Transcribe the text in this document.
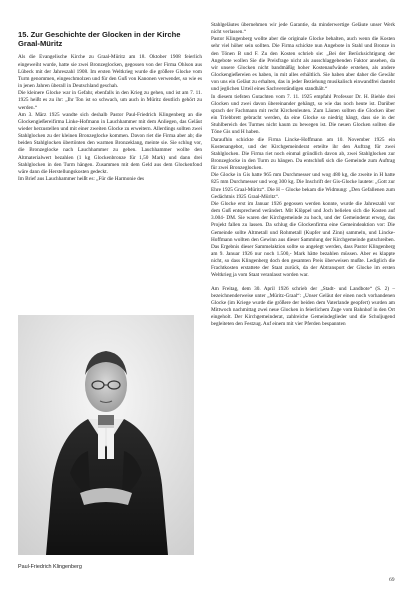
15. Zur Geschichte der Glocken in der Kirche Graal-Müritz

Als die Evangelische Kirche zu Graal-Müritz am 18. Oktober 1908 feierlich eingeweiht wurde, hatte sie zwei Bronzeglocken, gegossen von der Firma Ohlson aus Lübeck mit der Jahreszahl 1908. Im ersten Weltkrieg wurde die größere Glocke vom Turm genommen, eingeschmolzen und für den Guß von Kanonen verwendet, so wie es in jenen Jahren überall in Deutschland geschah.

Die kleinere Glocke war in Gefahr, ebenfalls in den Krieg zu gehen, und ist am 7. 11. 1925 heißt es zu ihr: „Ihr Ton ist so schwach, um auch in Müritz deutlich gehört zu werden.“

Am 3. März 1925 wandte sich deshalb Pastor Paul-Friedrich Klingenberg an die Glockengießereifirma Linke-Hofmann in Lauchhammer mit dem Anliegen, das Geläut wieder herzustellen und mit einer zweiten Glocke zu erweitern. Allerdings sollten zwei Stahlglocken zu der kleinen Bronzeglocke kommen. Davon riet die Firma aber ab; die beiden Stahlglocken übertönten den warmen Bronzeklang, meinte sie. Sie schlug vor, die Bronzeglocke nach Lauchhammer zu geben. Lauchhammer wollte den Altmaterialwert bezahlen (1 kg Glockenbronze für 1,50 Mark) und dann drei Stahlglocken in den Turm hängen. Zusammen mit dem Geld aus dem Glockenfond wäre dann die Herstellungskosten gedeckt.

Im Brief aus Lauchhammer heißt es: „Für die Harmonie des

Paul-Friedrich Klingenberg

Stahlgeläutes übernehmen wir jede Garantie, da minderwertige Geläute unser Werk nicht verlassen.“

Pastor Klingenberg wollte aber die originale Glocke behalten, auch wenn die Kosten sehr viel höher sein sollten. Die Firma schickte nun Angebote in Stahl und Bronze in den Tönen B und F. Zu den Kosten schrieb sie: „Bei der Berücksichtigung der Angebote wollen Sie die Preisfrage nicht als ausschlaggebenden Faktor ansehen, da wir unsere Glocken nicht bandmäßig hoher Kostenaufwände erstehen, als andere Glockengießereien es haben, in mit alles erhältlich. Sie haben aber daher die Gewähr von uns ein Geläut zu erhalten, das in jeder Beziehung musikalisch einwandfrei dasteht und jeglichen Urteil eines Sachverständigen standhält.“

In diesem tiefsten Gutachten vom 7. 11. 1925 empfahl Professor Dr. H. Biehle drei Glocken und zwei davon übereinander gehängt, so wie das noch heute ist. Darüber sprach der Fachmann mit recht Kirchenleuten. Zum Läuten sollten die Glocken über ein Triebbrett gebracht werden, da eine Glocke so niedrig hängt, dass sie in der Stuhlbereich des Turmes nicht kaum zu bewegen ist. Die neuen Glocken sollten die Töne Gis und H haben.

Daraufhin schickte die Firma Lincke-Hoffmann am 10. November 1925 ein Kostenangebot, und der Kirchgemeinderat erteilte ihr den Auftrag für zwei Stahlglocken. Die Firma riet noch einmal gründlich davon ab, zwei Stahlglocken zur Bronzeglocke in den Turm zu hängen. Da entschloß sich die Gemeinde zum Auftrag für zwei Bronzeglocken.

Die Glocke in Gis hatte 965 mm Durchmesser und wog 480 kg, die zweite in H hatte 825 mm Durchmesser und wog 300 kg. Die Inschrift der Gis-Glocke lautete: „Gott zur Ehre 1925 Graal-Müritz“. Die H – Glocke bekam die Widmung: „Den Gefallenen zum Gedächtnis 1925 Graal-Müritz“.

Die Glocke erst im Januar 1926 gegossen werden konnte, wurde die Jahreszahl vor dem Guß entsprechend verändert. Mit Klöppel und Joch belielen sich die Kosten auf 3.004- DM. Sie waren der Kirchgemeinde zu hoch, und der Gemeinderat erwog, das Projekt fallen zu lassen. Da schlug die Glockenfirma eine Gemeindeaktion vor: Die Gemeinde sollte Altmetall und Rohmetall (Kupfer und Zinn) sammeln, und Lincke-Hoffmann wollten den Gewinn aus dieser Sammlung der Kirchgemeinde gutschreiben. Das Ergebnis dieser Sammelaktion sollte so angelegt werden, dass Pastor Klingenberg am 9. Januar 1926 nur noch 1.500,- Mark hätte bezahlen müssen. Aber es klappte nicht, so dass Klingenberg doch den gesamten Preis überweisen mußte. Lediglich die Frachtkosten erstattete der Staat zurück, da der Abtransport der Glocke im ersten Weltkrieg ja vom Staat veranlasst worden war.

Am Freitag, dem 30. April 1926 schrieb der „Stadt- und Landbote“ (S. 2) – bezeichnenderweise unter „Müritz-Graal“: „Unser Geläut der einen noch vorhandenen Glocke (im Kriege wurde die größere der beiden dem Vaterlande geopfert) wurden am Mittwoch nachmittag zwei neue Glocken in feierlichem Zuge vom Bahnhof in den Ort eingeholt. Der Kirchgemeinderat, zahlreiche Gemeindeglieder und die Schuljugend begleiteten den Festzug. Auf einem mit vier Pferden bespannten

69
